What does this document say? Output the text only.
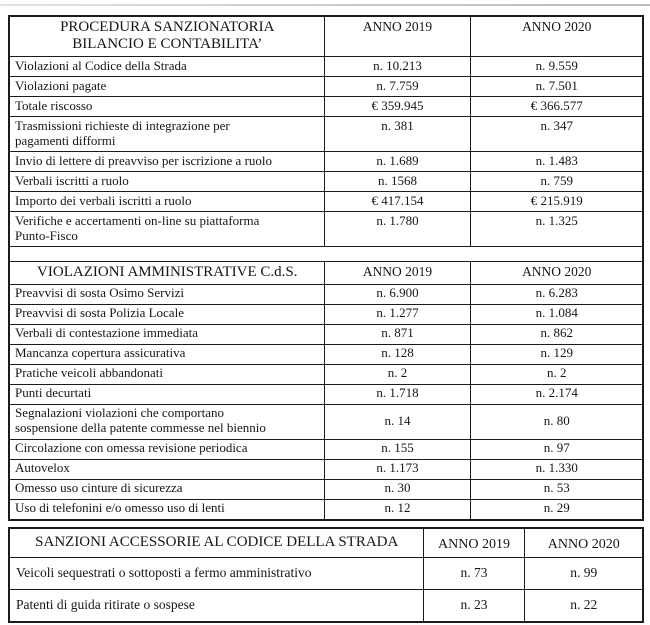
PROCEDURA SANZIONATORIA
BILANCIO E CONTABILITA’	ANNO 2019	ANNO 2020

Violazioni al Codice della Strada	n. 10.213	n. 9.559

Violazioni pagate	n. 7.759	n. 7.501

Totale riscosso	€ 359.945	€ 366.577

Trasmissioni richieste di integrazione per pagamenti difformi	n. 381	n. 347

Invio di lettere di preavviso per iscrizione a ruolo	n. 1.689	n. 1.483

Verbali iscritti a ruolo	n. 1568	n. 759

Importo dei verbali iscritti a ruolo	€ 417.154	€ 215.919

Verifiche e accertamenti on-line su piattaforma Punto-Fisco	n. 1.780	n. 1.325

VIOLAZIONI AMMINISTRATIVE C.d.S.	ANNO 2019	ANNO 2020

Preavvisi di sosta Osimo Servizi	n. 6.900	n. 6.283

Preavvisi di sosta Polizia Locale	n. 1.277	n. 1.084

Verbali di contestazione immediata	n. 871	n. 862

Mancanza copertura assicurativa	n. 128	n. 129

Pratiche veicoli abbandonati	n. 2	n. 2

Punti decurtati	n. 1.718	n. 2.174

Segnalazioni violazioni che comportano sospensione della patente commesse nel biennio	n. 14	n. 80

Circolazione con omessa revisione periodica	n. 155	n. 97

Autovelox	n. 1.173	n. 1.330

Omesso uso cinture di sicurezza	n. 30	n. 53

Uso di telefonini e/o omesso uso di lenti	n. 12	n. 29
SANZIONI ACCESSORIE AL CODICE DELLA STRADA	ANNO 2019	ANNO 2020
Veicoli sequestrati o sottoposti a fermo amministrativo	n. 73	n. 99
Patenti di guida ritirate o sospese	n. 23	n. 22
